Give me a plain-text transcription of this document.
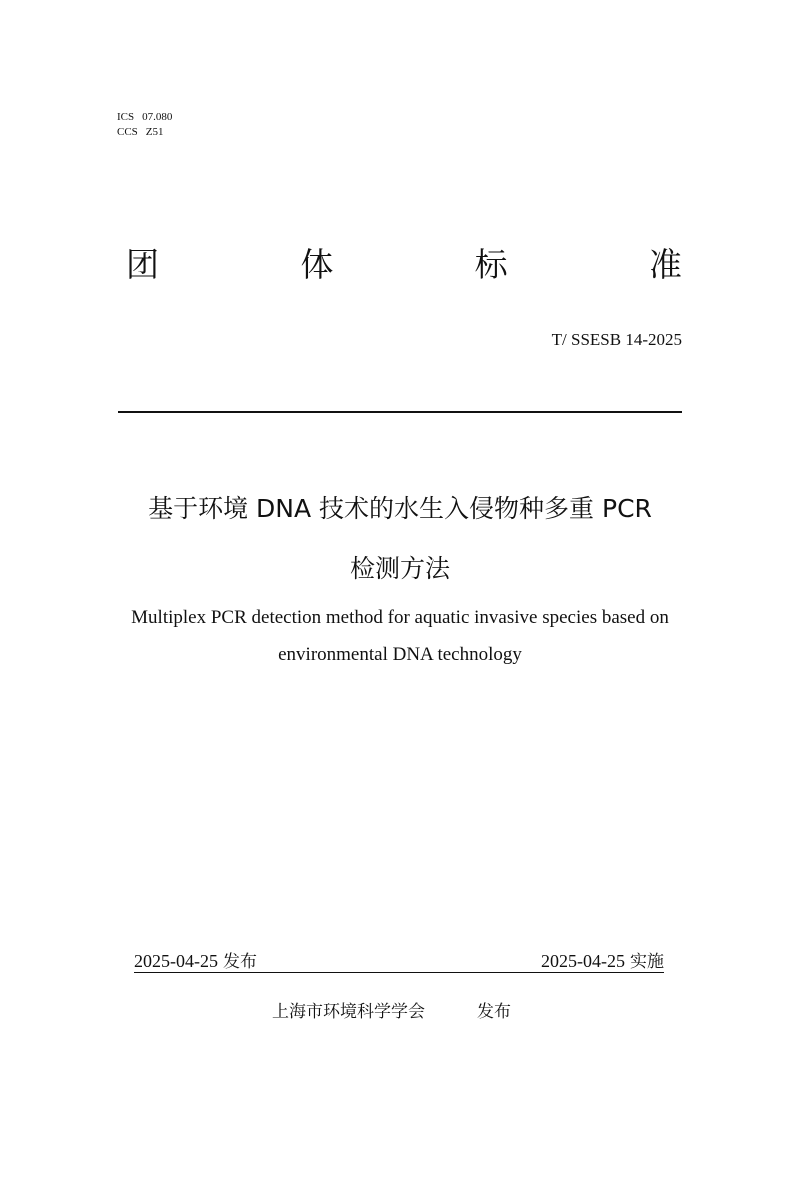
ICS 07.080
CCS Z51
团	体	标	准
T/ SSESB 14-2025
基于环境 DNA 技术的水生入侵物种多重 PCR
检测方法
Multiplex PCR detection method for aquatic invasive species based on
environmental DNA technology
2025-04-25 发布	2025-04-25 实施
上海市环境科学学会	发布
